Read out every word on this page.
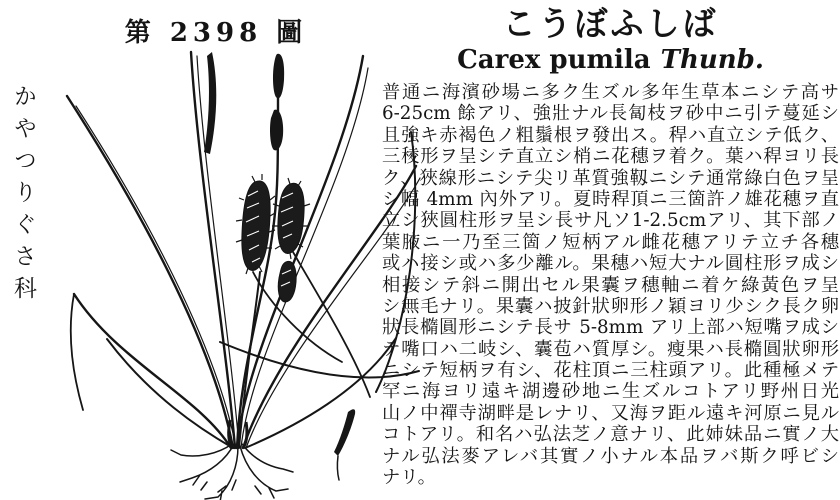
第 2398 圖
かやつりぐさ科
こうぼふしば
Carex pumila Thunb.
普通ニ海濱砂場ニ多ク生ズル多年生草本ニシテ高サ
6-25cm 餘アリ、強壯ナル長匐枝ヲ砂中ニ引テ蔓延シ
且強キ赤褐色ノ粗鬚根ヲ發出ス。稈ハ直立シテ低ク、
三稜形ヲ呈シテ直立シ梢ニ花穗ヲ着ク。葉ハ稈ヨリ長
ク、狹線形ニシテ尖リ革質強靱ニシテ通常綠白色ヲ呈
シ幅 4mm 內外アリ。夏時稈頂ニ三箇許ノ雄花穗ヲ直
立シ狹圓柱形ヲ呈シ長サ凡ソ1-2.5cmアリ、其下部ノ
葉腋ニ一乃至三箇ノ短柄アル雌花穗アリテ立チ各穗
或ハ接シ或ハ多少離ル。果穗ハ短大ナル圓柱形ヲ成シ
相接シテ斜ニ開出セル果囊ヲ穗軸ニ着ケ綠黃色ヲ呈
シ無毛ナリ。果囊ハ披針狀卵形ノ穎ヨリ少シク長ク卵
狀長橢圓形ニシテ長サ 5-8mm アリ上部ハ短嘴ヲ成シ
テ嘴口ハ二岐シ、囊苞ハ質厚シ。瘦果ハ長橢圓狀卵形
ニシテ短柄ヲ有シ、花柱頂ニ三柱頭アリ。此種極メテ
罕ニ海ヨリ遠キ湖邊砂地ニ生ズルコトアリ野州日光
山ノ中禪寺湖畔是レナリ、又海ヲ距ル遠キ河原ニ見ル
コトアリ。和名ハ弘法芝ノ意ナリ、此姉妹品ニ實ノ大
ナル弘法麥アレバ其實ノ小ナル本品ヲバ斯ク呼ビシ
ナリ。
